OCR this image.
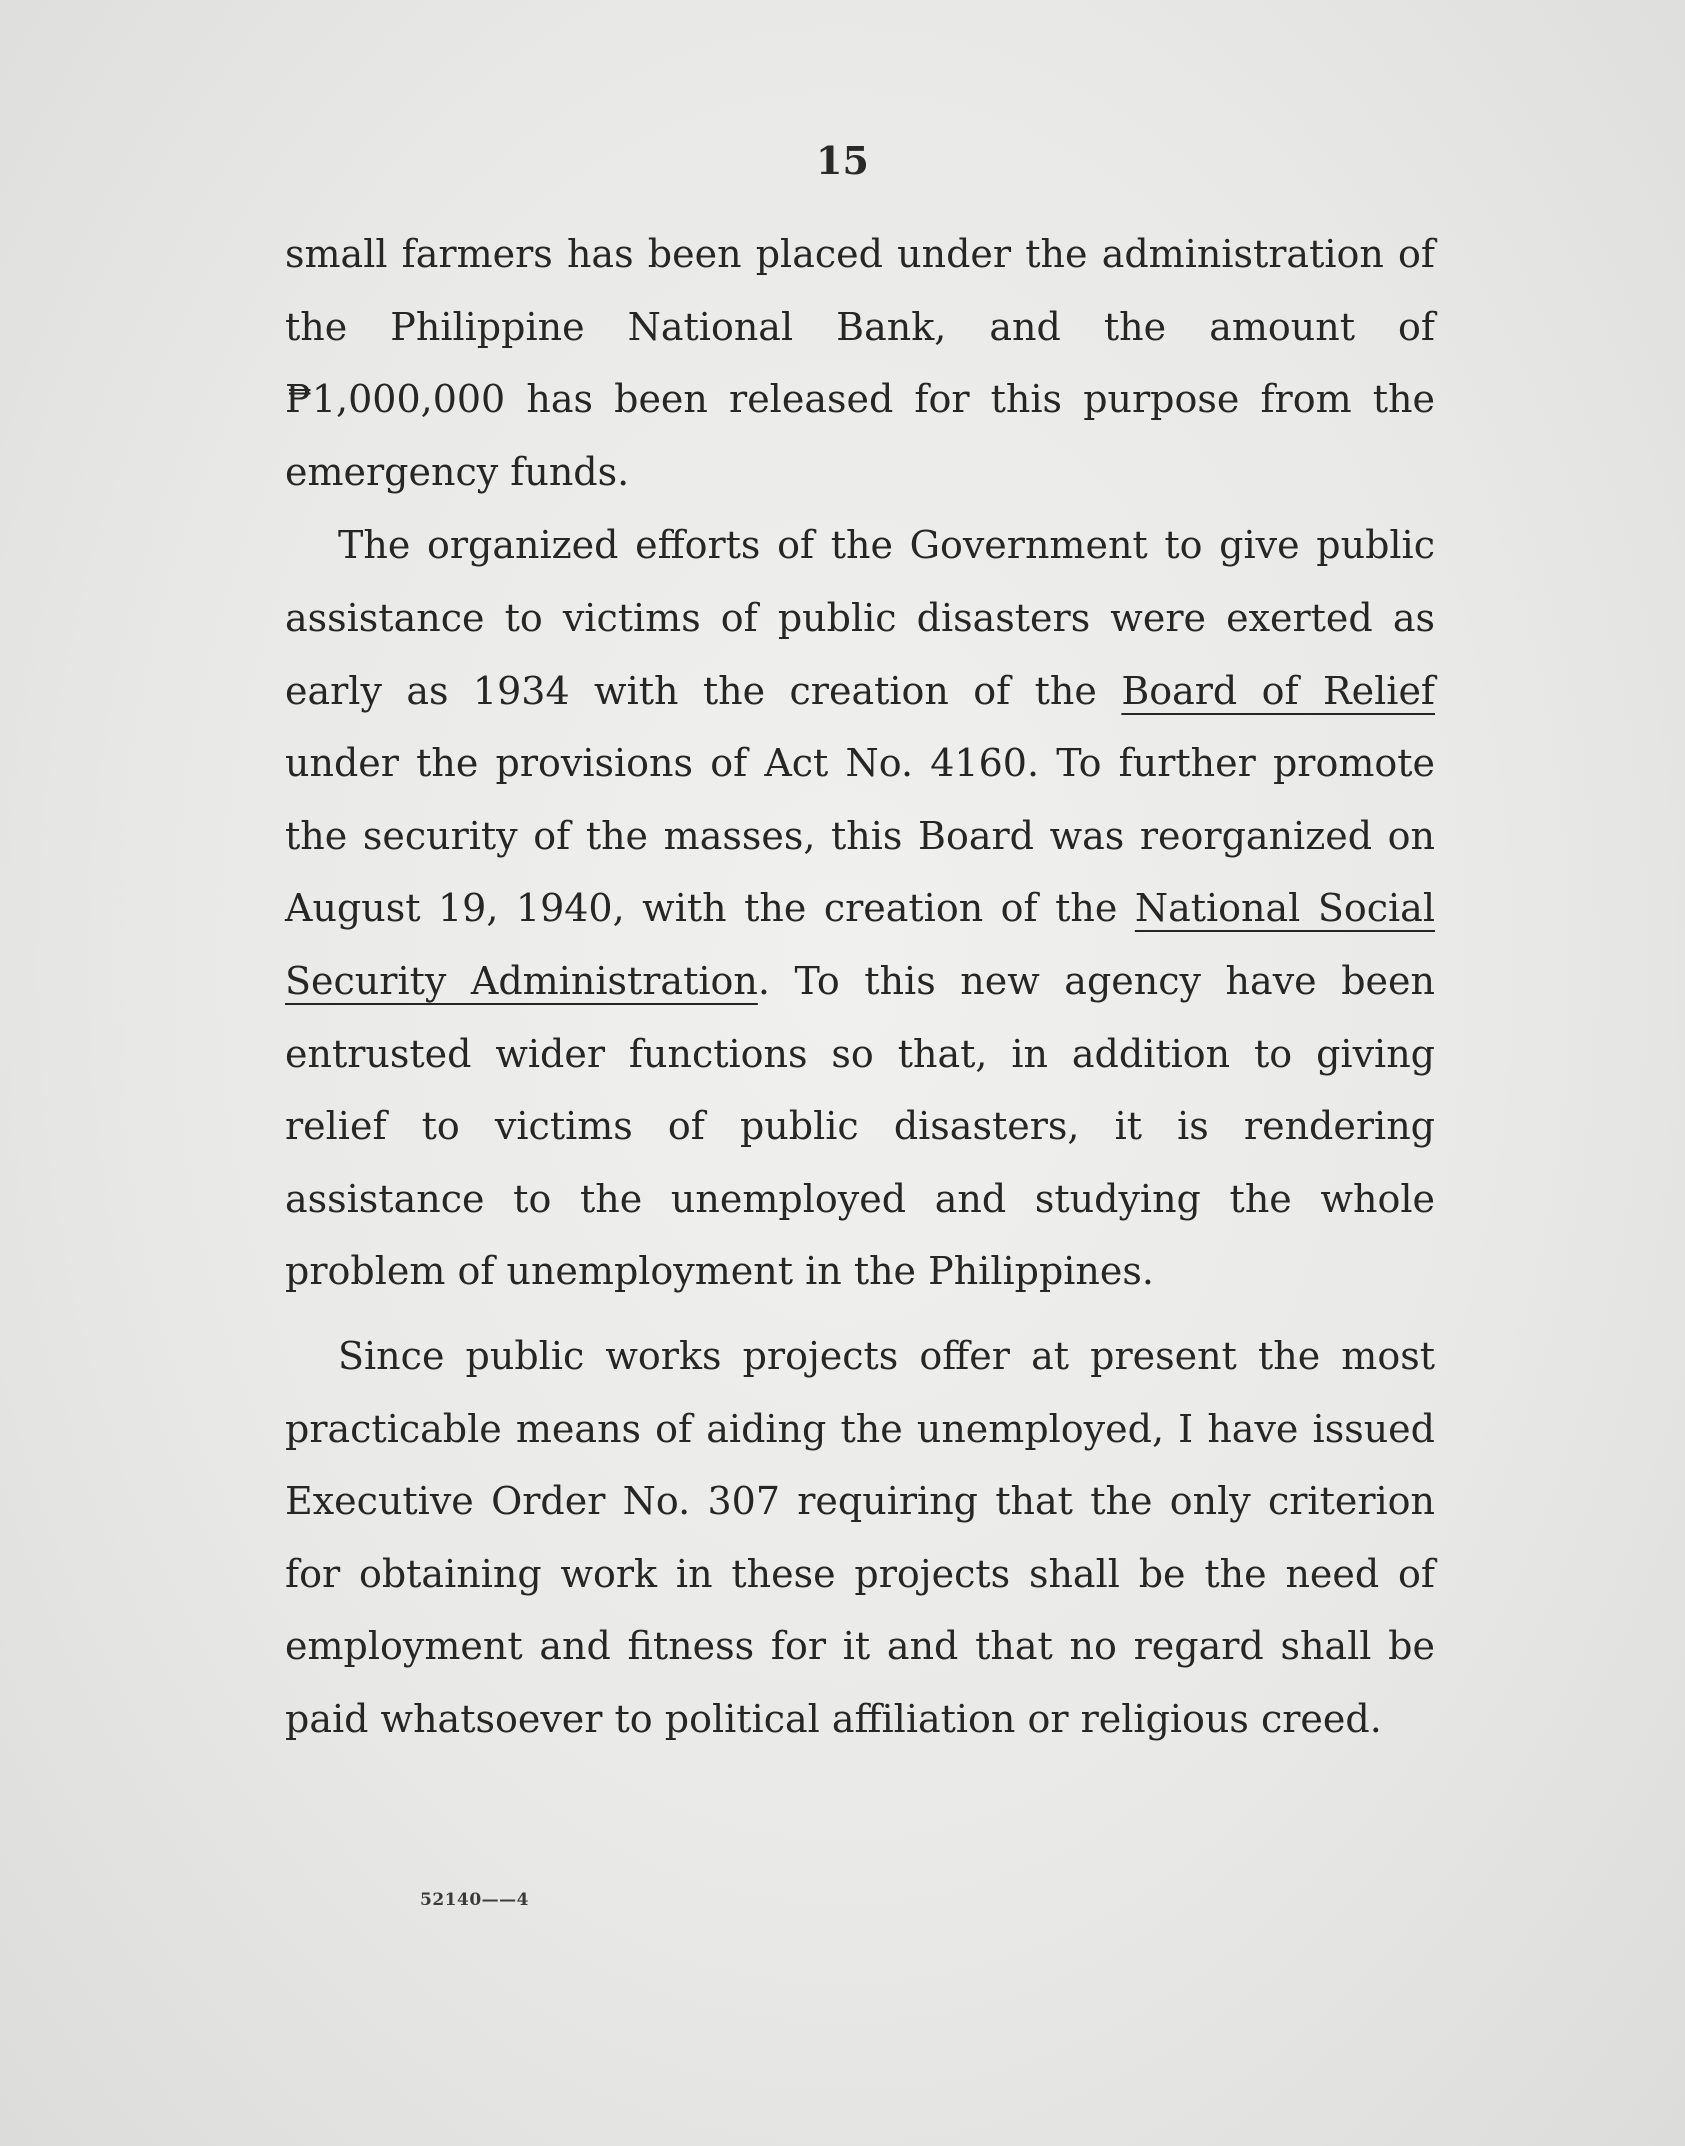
15

small farmers has been placed under the administration of the Philippine National Bank, and the amount of ₱1,000,000 has been released for this purpose from the emergency funds.

The organized efforts of the Government to give public assistance to victims of public disasters were exerted as early as 1934 with the creation of the Board of Relief under the provisions of Act No. 4160. To further promote the security of the masses, this Board was reorganized on August 19, 1940, with the creation of the National Social Security Administration. To this new agency have been entrusted wider functions so that, in addition to giving relief to victims of public disasters, it is rendering assistance to the unemployed and studying the whole problem of unemployment in the Philippines.

Since public works projects offer at present the most practicable means of aiding the unemployed, I have issued Executive Order No. 307 requiring that the only criterion for obtaining work in these projects shall be the need of employment and fitness for it and that no regard shall be paid whatsoever to political affiliation or religious creed.

52140——4
